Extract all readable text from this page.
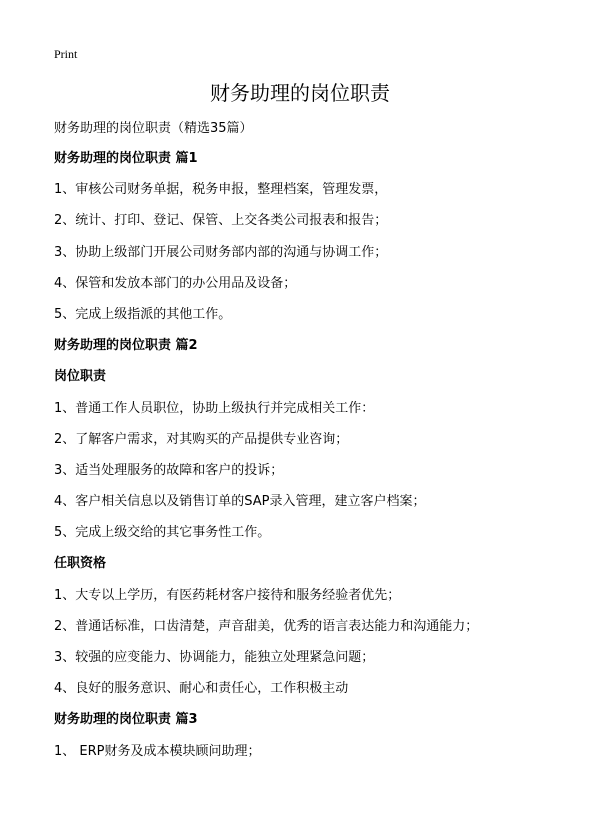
Print
财务助理的岗位职责
财务助理的岗位职责（精选35篇）
财务助理的岗位职责 篇1
1、审核公司财务单据，税务申报，整理档案，管理发票，
2、统计、打印、登记、保管、上交各类公司报表和报告；
3、协助上级部门开展公司财务部内部的沟通与协调工作；
4、保管和发放本部门的办公用品及设备；
5、完成上级指派的其他工作。
财务助理的岗位职责 篇2
岗位职责
1、普通工作人员职位，协助上级执行并完成相关工作：
2、了解客户需求，对其购买的产品提供专业咨询；
3、适当处理服务的故障和客户的投诉；
4、客户相关信息以及销售订单的SAP录入管理，建立客户档案；
5、完成上级交给的其它事务性工作。
任职资格
1、大专以上学历，有医药耗材客户接待和服务经验者优先；
2、普通话标准，口齿清楚，声音甜美，优秀的语言表达能力和沟通能力；
3、较强的应变能力、协调能力，能独立处理紧急问题；
4、良好的服务意识、耐心和责任心，工作积极主动
财务助理的岗位职责 篇3
1、 ERP财务及成本模块顾问助理；
